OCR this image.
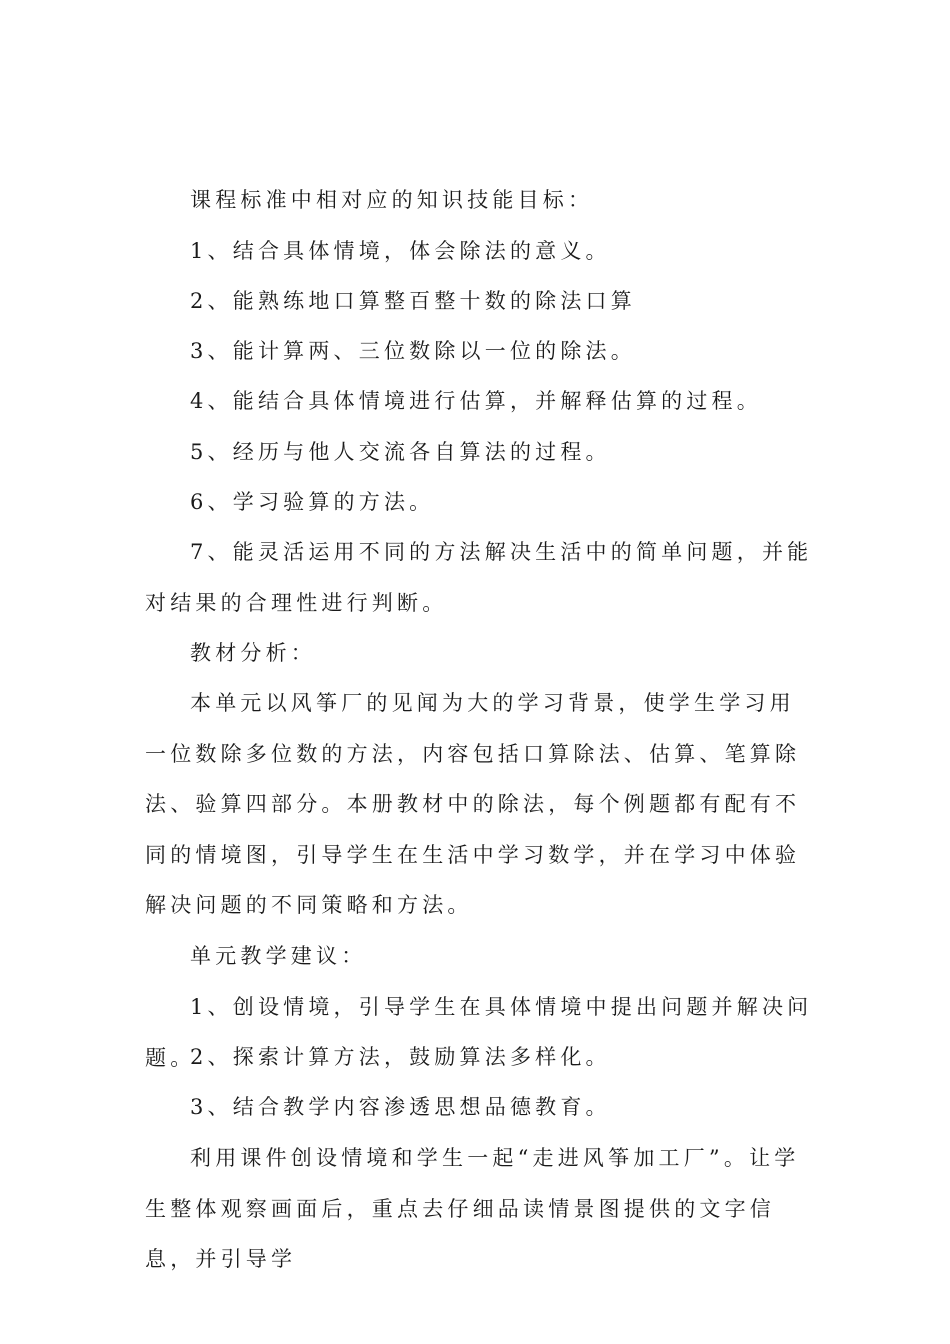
课程标准中相对应的知识技能目标：

1、结合具体情境，体会除法的意义。

2、能熟练地口算整百整十数的除法口算

3、能计算两、三位数除以一位的除法。

4、能结合具体情境进行估算，并解释估算的过程。

5、经历与他人交流各自算法的过程。

6、学习验算的方法。

7、能灵活运用不同的方法解决生活中的简单问题，并能对结果的合理性进行判断。

教材分析：

本单元以风筝厂的见闻为大的学习背景，使学生学习用一位数除多位数的方法，内容包括口算除法、估算、笔算除法、验算四部分。本册教材中的除法，每个例题都有配有不同的情境图，引导学生在生活中学习数学，并在学习中体验解决问题的不同策略和方法。

单元教学建议：

1、创设情境，引导学生在具体情境中提出问题并解决问题。

2、探索计算方法，鼓励算法多样化。

3、结合教学内容渗透思想品德教育。

利用课件创设情境和学生一起“走进风筝加工厂”。让学生整体观察画面后，重点去仔细品读情景图提供的文字信息，并引导学
